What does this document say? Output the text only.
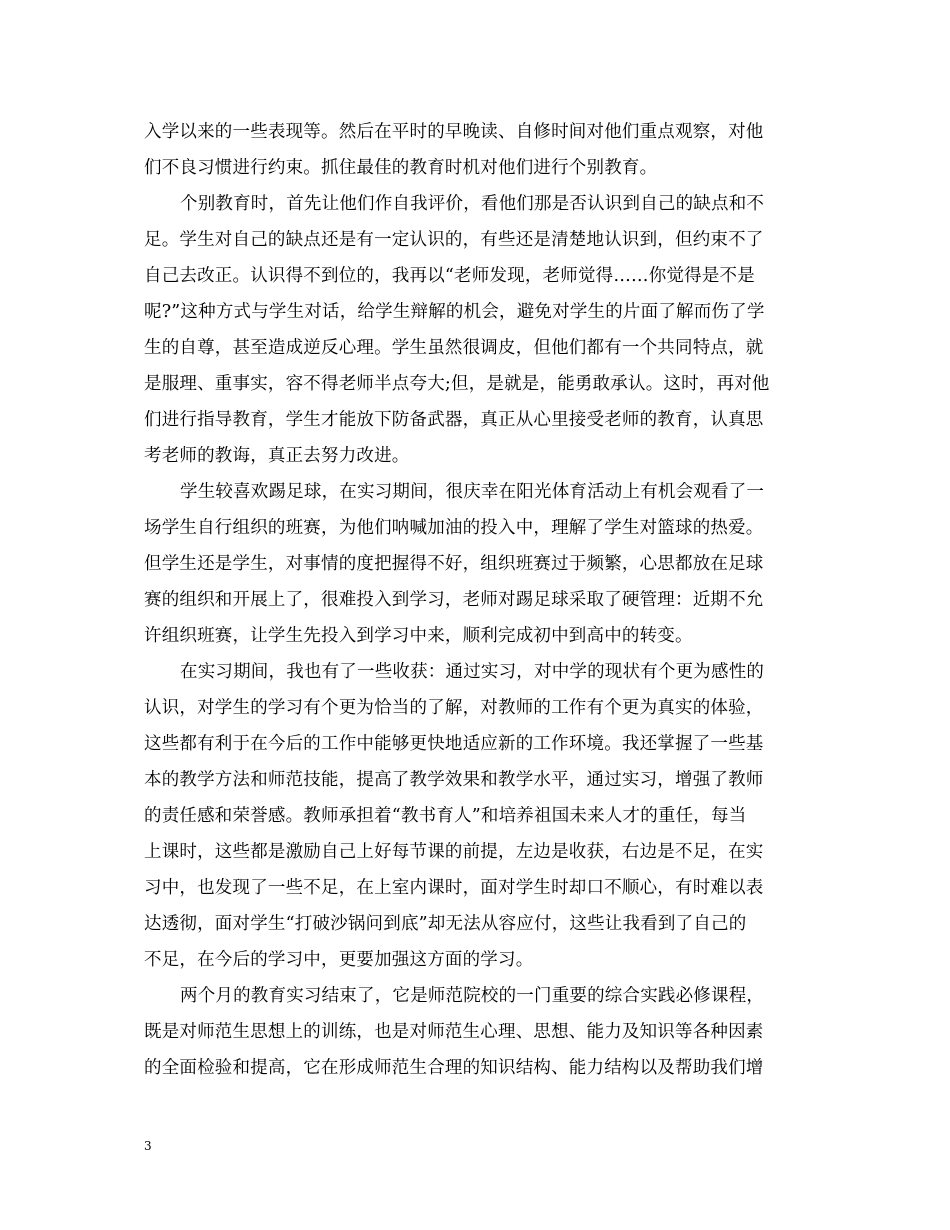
入学以来的一些表现等。然后在平时的早晚读、自修时间对他们重点观察，对他
们不良习惯进行约束。抓住最佳的教育时机对他们进行个别教育。
个别教育时，首先让他们作自我评价，看他们那是否认识到自己的缺点和不
足。学生对自己的缺点还是有一定认识的，有些还是清楚地认识到，但约束不了
自己去改正。认识得不到位的，我再以“老师发现，老师觉得……你觉得是不是
呢?”这种方式与学生对话，给学生辩解的机会，避免对学生的片面了解而伤了学
生的自尊，甚至造成逆反心理。学生虽然很调皮，但他们都有一个共同特点，就
是服理、重事实，容不得老师半点夸大;但，是就是，能勇敢承认。这时，再对他
们进行指导教育，学生才能放下防备武器，真正从心里接受老师的教育，认真思
考老师的教诲，真正去努力改进。
学生较喜欢踢足球，在实习期间，很庆幸在阳光体育活动上有机会观看了一
场学生自行组织的班赛，为他们呐喊加油的投入中，理解了学生对篮球的热爱。
但学生还是学生，对事情的度把握得不好，组织班赛过于频繁，心思都放在足球
赛的组织和开展上了，很难投入到学习，老师对踢足球采取了硬管理：近期不允
许组织班赛，让学生先投入到学习中来，顺利完成初中到高中的转变。
在实习期间，我也有了一些收获：通过实习，对中学的现状有个更为感性的
认识，对学生的学习有个更为恰当的了解，对教师的工作有个更为真实的体验，
这些都有利于在今后的工作中能够更快地适应新的工作环境。我还掌握了一些基
本的教学方法和师范技能，提高了教学效果和教学水平，通过实习，增强了教师
的责任感和荣誉感。教师承担着“教书育人”和培养祖国未来人才的重任，每当
上课时，这些都是激励自己上好每节课的前提，左边是收获，右边是不足，在实
习中，也发现了一些不足，在上室内课时，面对学生时却口不顺心，有时难以表
达透彻，面对学生“打破沙锅问到底”却无法从容应付，这些让我看到了自己的
不足，在今后的学习中，更要加强这方面的学习。
两个月的教育实习结束了，它是师范院校的一门重要的综合实践必修课程，
既是对师范生思想上的训练，也是对师范生心理、思想、能力及知识等各种因素
的全面检验和提高，它在形成师范生合理的知识结构、能力结构以及帮助我们增
3
